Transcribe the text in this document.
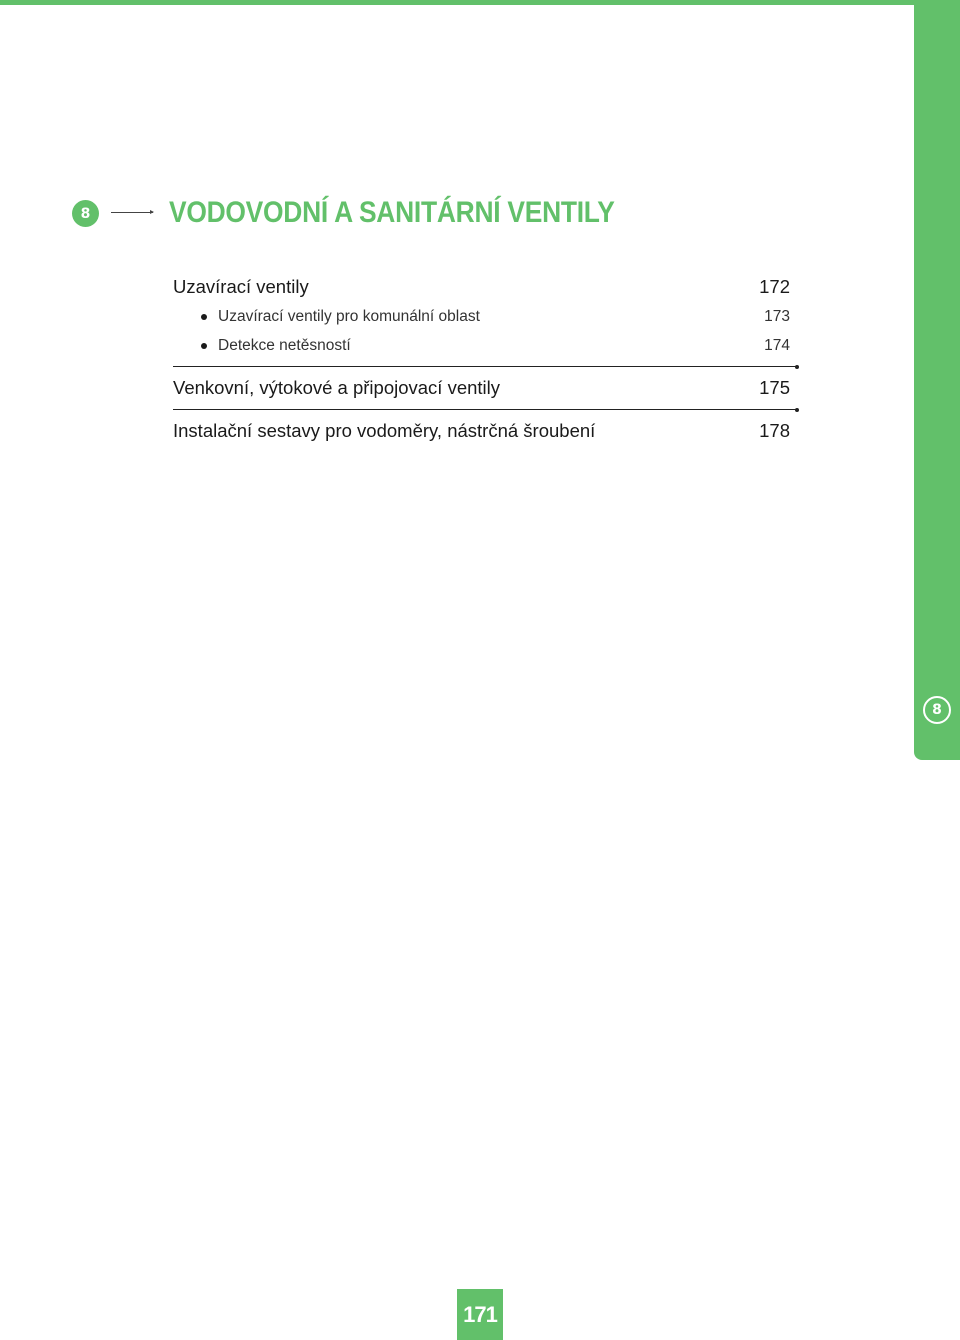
8
8	VODOVODNÍ A SANITÁRNÍ VENTILY
Uzavírací ventily	172
Uzavírací ventily pro komunální oblast	173
Detekce netěsností	174
Venkovní, výtokové a připojovací ventily	175
Instalační sestavy pro vodoměry, nástrčná šroubení	178
171
